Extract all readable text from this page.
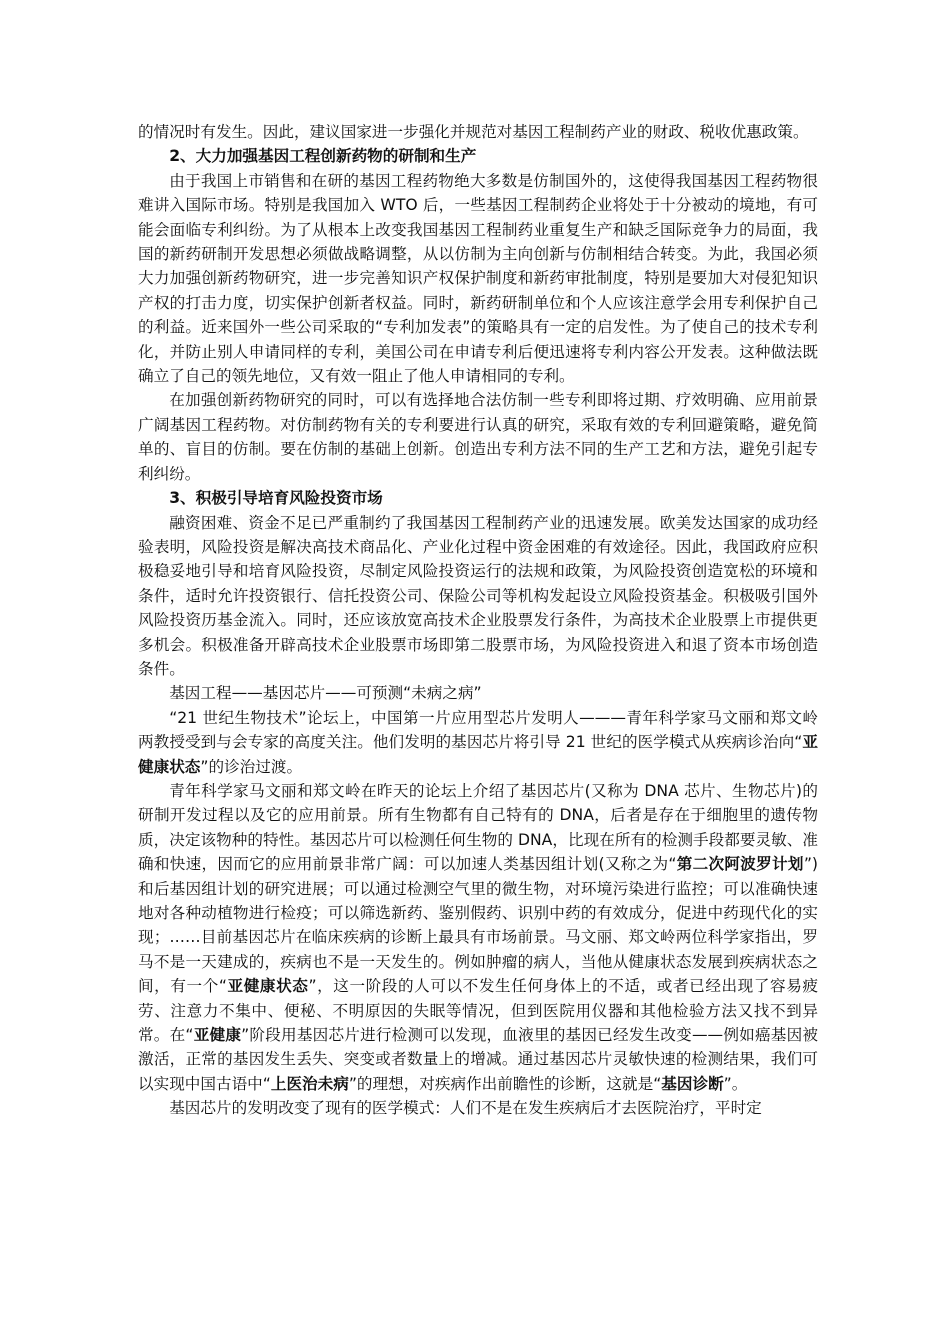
的情况时有发生。因此，建议国家进一步强化并规范对基因工程制药产业的财政、税收优惠政策。

2、大力加强基因工程创新药物的研制和生产

由于我国上市销售和在研的基因工程药物绝大多数是仿制国外的，这使得我国基因工程药物很难讲入国际市场。特别是我国加入 WTO 后，一些基因工程制药企业将处于十分被动的境地，有可能会面临专利纠纷。为了从根本上改变我国基因工程制药业重复生产和缺乏国际竞争力的局面，我国的新药研制开发思想必须做战略调整，从以仿制为主向创新与仿制相结合转变。为此，我国必须大力加强创新药物研究，进一步完善知识产权保护制度和新药审批制度，特别是要加大对侵犯知识产权的打击力度，切实保护创新者权益。同时，新药研制单位和个人应该注意学会用专利保护自己的利益。近来国外一些公司采取的“专利加发表”的策略具有一定的启发性。为了使自己的技术专利化，并防止别人申请同样的专利，美国公司在申请专利后便迅速将专利内容公开发表。这种做法既确立了自己的领先地位，又有效一阻止了他人申请相同的专利。

在加强创新药物研究的同时，可以有选择地合法仿制一些专利即将过期、疗效明确、应用前景广阔基因工程药物。对仿制药物有关的专利要进行认真的研究，采取有效的专利回避策略，避免简单的、盲目的仿制。要在仿制的基础上创新。创造出专利方法不同的生产工艺和方法，避免引起专利纠纷。

3、积极引导培育风险投资市场

融资困难、资金不足已严重制约了我国基因工程制药产业的迅速发展。欧美发达国家的成功经验表明，风险投资是解决高技术商品化、产业化过程中资金困难的有效途径。因此，我国政府应积极稳妥地引导和培育风险投资，尽制定风险投资运行的法规和政策，为风险投资创造宽松的环境和条件，适时允许投资银行、信托投资公司、保险公司等机构发起设立风险投资基金。积极吸引国外风险投资历基金流入。同时，还应该放宽高技术企业股票发行条件，为高技术企业股票上市提供更多机会。积极准备开辟高技术企业股票市场即第二股票市场，为风险投资进入和退了资本市场创造条件。

基因工程——基因芯片——可预测“未病之病”

“21 世纪生物技术”论坛上，中国第一片应用型芯片发明人———青年科学家马文丽和郑文岭两教授受到与会专家的高度关注。他们发明的基因芯片将引导 21 世纪的医学模式从疾病诊治向“亚健康状态”的诊治过渡。

青年科学家马文丽和郑文岭在昨天的论坛上介绍了基因芯片(又称为 DNA 芯片、生物芯片)的研制开发过程以及它的应用前景。所有生物都有自己特有的 DNA，后者是存在于细胞里的遗传物质，决定该物种的特性。基因芯片可以检测任何生物的 DNA，比现在所有的检测手段都要灵敏、准确和快速，因而它的应用前景非常广阔：可以加速人类基因组计划(又称之为“第二次阿波罗计划”)和后基因组计划的研究进展；可以通过检测空气里的微生物，对环境污染进行监控；可以准确快速地对各种动植物进行检疫；可以筛选新药、鉴别假药、识别中药的有效成分，促进中药现代化的实现；……目前基因芯片在临床疾病的诊断上最具有市场前景。马文丽、郑文岭两位科学家指出，罗马不是一天建成的，疾病也不是一天发生的。例如肿瘤的病人，当他从健康状态发展到疾病状态之间，有一个“亚健康状态”，这一阶段的人可以不发生任何身体上的不适，或者已经出现了容易疲劳、注意力不集中、便秘、不明原因的失眠等情况，但到医院用仪器和其他检验方法又找不到异常。在“亚健康”阶段用基因芯片进行检测可以发现，血液里的基因已经发生改变——例如癌基因被激活，正常的基因发生丢失、突变或者数量上的增减。通过基因芯片灵敏快速的检测结果，我们可以实现中国古语中“上医治未病”的理想，对疾病作出前瞻性的诊断，这就是“基因诊断”。

基因芯片的发明改变了现有的医学模式：人们不是在发生疾病后才去医院治疗，平时定
